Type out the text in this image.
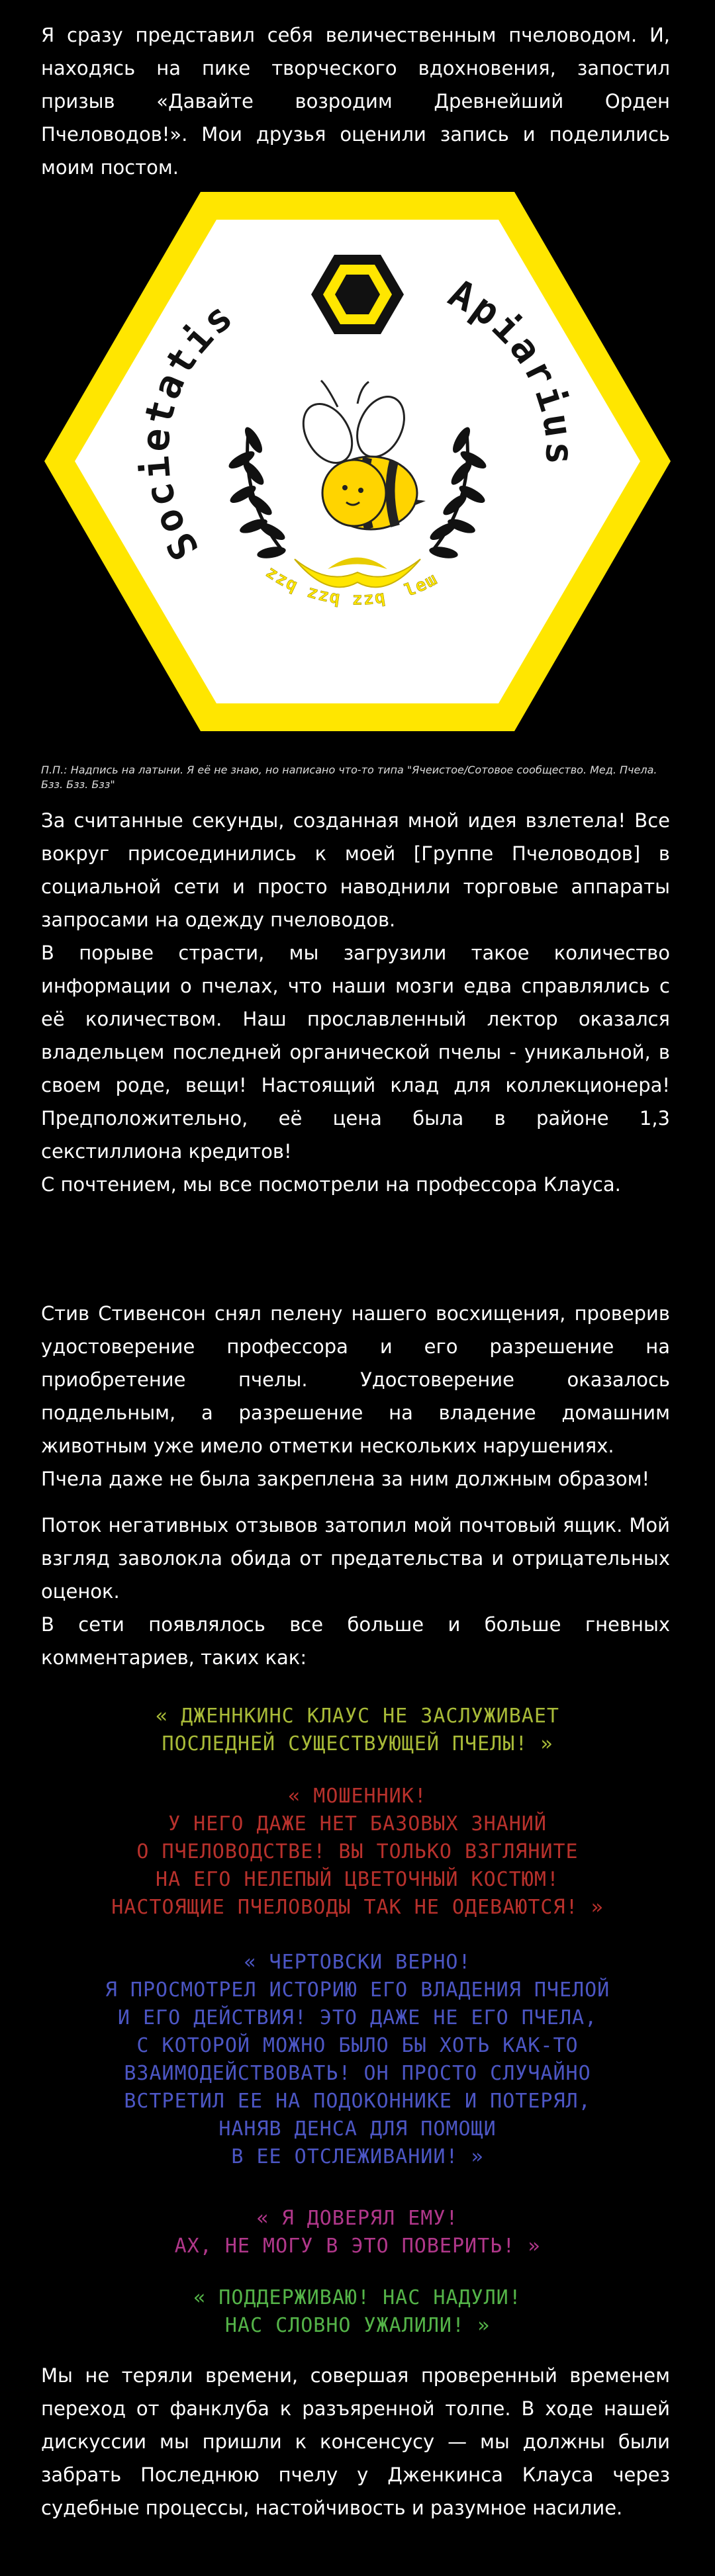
Я сразу представил себя величественным пчеловодом. И, находясь на пике творческого вдохновения, запостил призыв «Давайте возродим Древнейший Орден Пчеловодов!». Мои друзья оценили запись и поделились моим постом.

Societatis	Apiarius
zzq zzq zzq leɯ

П.П.: Надпись на латыни. Я её не знаю, но написано что-то типа "Ячеистое/Сотовое сообщество. Мед. Пчела. Бзз. Бзз. Бзз"

За считанные секунды, созданная мной идея взлетела! Все вокруг присоединились к моей [Группе Пчеловодов] в социальной сети и просто наводнили торговые аппараты запросами на одежду пчеловодов.
В порыве страсти, мы загрузили такое количество информации о пчелах, что наши мозги едва справлялись с её количеством. Наш прославленный лектор оказался владельцем последней органической пчелы - уникальной, в своем роде, вещи! Настоящий клад для коллекционера! Предположительно, её цена была в районе 1,3 секстиллиона кредитов!
С почтением, мы все посмотрели на профессора Клауса.

Стив Стивенсон снял пелену нашего восхищения, проверив удостоверение профессора и его разрешение на приобретение пчелы. Удостоверение оказалось поддельным, а разрешение на владение домашним животным уже имело отметки нескольких нарушениях.
Пчела даже не была закреплена за ним должным образом!

Поток негативных отзывов затопил мой почтовый ящик. Мой взгляд заволокла обида от предательства и отрицательных оценок.
В сети появлялось все больше и больше гневных комментариев, таких как:

« ДЖЕННКИНС КЛАУС НЕ ЗАСЛУЖИВАЕТ
ПОСЛЕДНЕЙ СУЩЕСТВУЮЩЕЙ ПЧЕЛЫ! »

« МОШЕННИК!
У НЕГО ДАЖЕ НЕТ БАЗОВЫХ ЗНАНИЙ
О ПЧЕЛОВОДСТВЕ! ВЫ ТОЛЬКО ВЗГЛЯНИТЕ
НА ЕГО НЕЛЕПЫЙ ЦВЕТОЧНЫЙ КОСТЮМ!
НАСТОЯЩИЕ ПЧЕЛОВОДЫ ТАК НЕ ОДЕВАЮТСЯ! »

« ЧЕРТОВСКИ ВЕРНО!
Я ПРОСМОТРЕЛ ИСТОРИЮ ЕГО ВЛАДЕНИЯ ПЧЕЛОЙ
И ЕГО ДЕЙСТВИЯ! ЭТО ДАЖЕ НЕ ЕГО ПЧЕЛА,
С КОТОРОЙ МОЖНО БЫЛО БЫ ХОТЬ КАК-ТО
ВЗАИМОДЕЙСТВОВАТЬ! ОН ПРОСТО СЛУЧАЙНО
ВСТРЕТИЛ ЕЕ НА ПОДОКОННИКЕ И ПОТЕРЯЛ,
НАНЯВ ДЕНСА ДЛЯ ПОМОЩИ
В ЕЕ ОТСЛЕЖИВАНИИ! »

« Я ДОВЕРЯЛ ЕМУ!
АХ, НЕ МОГУ В ЭТО ПОВЕРИТЬ! »

« ПОДДЕРЖИВАЮ! НАС НАДУЛИ!
НАС СЛОВНО УЖАЛИЛИ! »

Мы не теряли времени, совершая проверенный временем переход от фанклуба к разъяренной толпе. В ходе нашей дискуссии мы пришли к консенсусу — мы должны были забрать Последнюю пчелу у Дженкинса Клауса через судебные процессы, настойчивость и разумное насилие.
